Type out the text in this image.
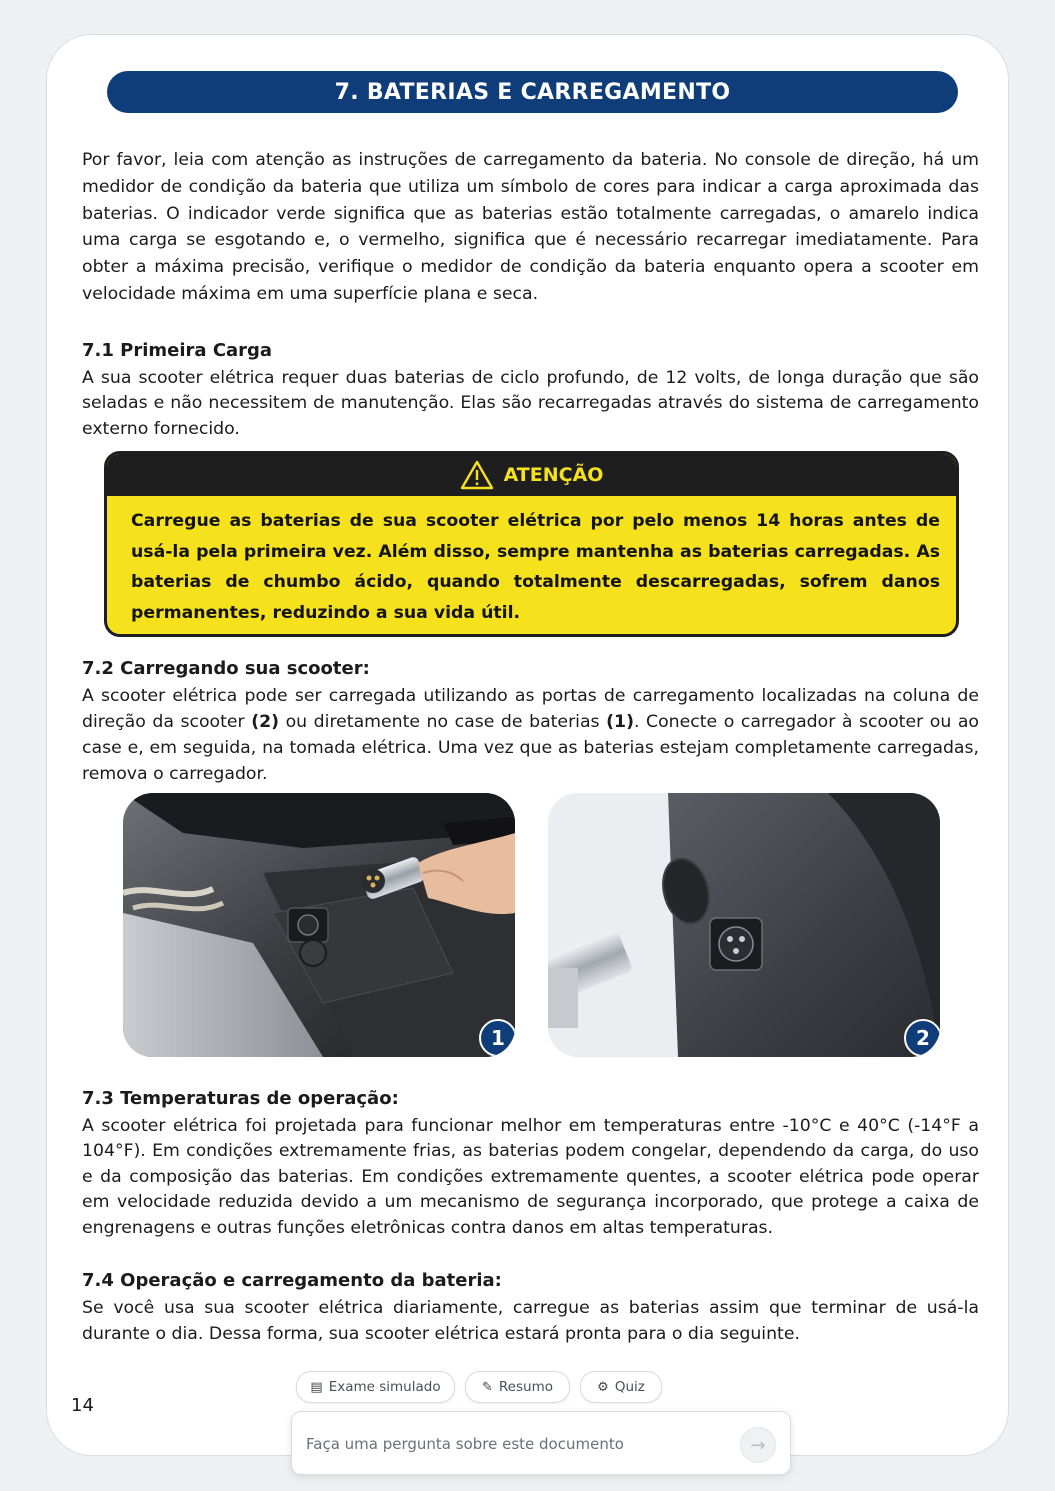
7. BATERIAS E CARREGAMENTO

Por favor, leia com atenção as instruções de carregamento da bateria. No console de direção, há um medidor de condição da bateria que utiliza um símbolo de cores para indicar a carga aproximada das baterias. O indicador verde significa que as baterias estão totalmente carregadas, o amarelo indica uma carga se esgotando e, o vermelho, significa que é necessário recarregar imediatamente. Para obter a máxima precisão, verifique o medidor de condição da bateria enquanto opera a scooter em velocidade máxima em uma superfície plana e seca.

7.1 Primeira Carga

A sua scooter elétrica requer duas baterias de ciclo profundo, de 12 volts, de longa duração que são seladas e não necessitem de manutenção. Elas são recarregadas através do sistema de carregamento externo fornecido.

ATENÇÃO

Carregue as baterias de sua scooter elétrica por pelo menos 14 horas antes de usá-la pela primeira vez. Além disso, sempre mantenha as baterias carregadas. As baterias de chumbo ácido, quando totalmente descarregadas, sofrem danos permanentes, reduzindo a sua vida útil.

7.2 Carregando sua scooter:

A scooter elétrica pode ser carregada utilizando as portas de carregamento localizadas na coluna de direção da scooter (2) ou diretamente no case de baterias (1). Conecte o carregador à scooter ou ao case e, em seguida, na tomada elétrica. Uma vez que as baterias estejam completamente carregadas, remova o carregador.

1	2
7.3 Temperaturas de operação:

A scooter elétrica foi projetada para funcionar melhor em temperaturas entre -10°C e 40°C (-14°F a 104°F). Em condições extremamente frias, as baterias podem congelar, dependendo da carga, do uso e da composição das baterias. Em condições extremamente quentes, a scooter elétrica pode operar em velocidade reduzida devido a um mecanismo de segurança incorporado, que protege a caixa de engrenagens e outras funções eletrônicas contra danos em altas temperaturas.

7.4 Operação e carregamento da bateria:

Se você usa sua scooter elétrica diariamente, carregue as baterias assim que terminar de usá-la durante o dia. Dessa forma, sua scooter elétrica estará pronta para o dia seguinte.

14
▤ Exame simulado	✎ Resumo	⚙ Quiz
Faça uma pergunta sobre este documento
→
